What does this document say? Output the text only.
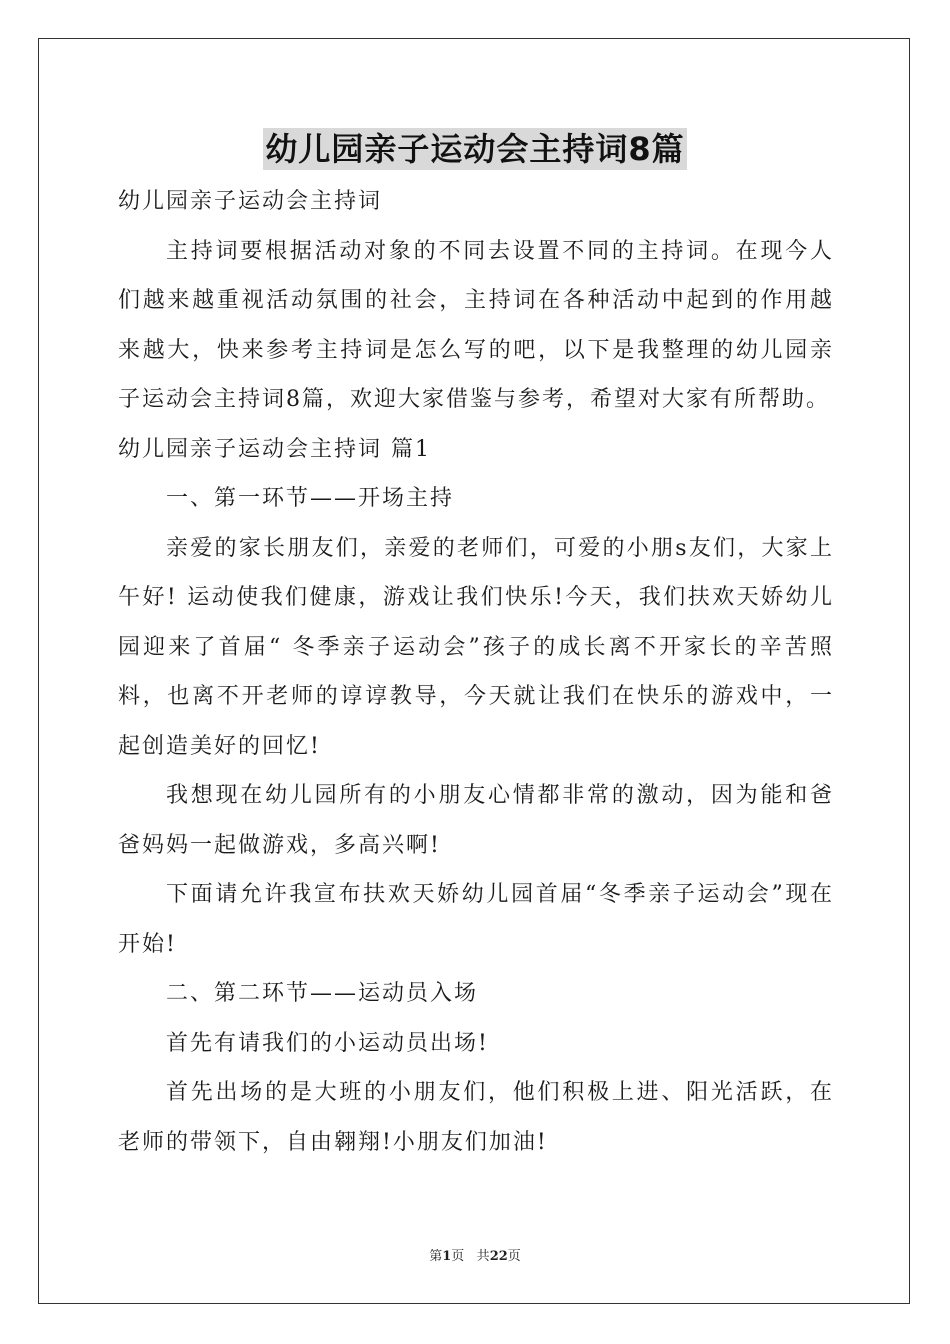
幼儿园亲子运动会主持词8篇

幼儿园亲子运动会主持词

主持词要根据活动对象的不同去设置不同的主持词。在现今人们越来越重视活动氛围的社会，主持词在各种活动中起到的作用越来越大，快来参考主持词是怎么写的吧，以下是我整理的幼儿园亲子运动会主持词8篇，欢迎大家借鉴与参考，希望对大家有所帮助。

幼儿园亲子运动会主持词 篇1

一、第一环节——开场主持

亲爱的家长朋友们，亲爱的老师们，可爱的小朋s友们，大家上午好! 运动使我们健康，游戏让我们快乐!今天，我们扶欢天娇幼儿园迎来了首届“ 冬季亲子运动会”孩子的成长离不开家长的辛苦照料，也离不开老师的谆谆教导，今天就让我们在快乐的游戏中，一起创造美好的回忆!

我想现在幼儿园所有的小朋友心情都非常的激动，因为能和爸爸妈妈一起做游戏，多高兴啊!

下面请允许我宣布扶欢天娇幼儿园首届“冬季亲子运动会”现在开始!

二、第二环节——运动员入场

首先有请我们的小运动员出场!

首先出场的是大班的小朋友们，他们积极上进、阳光活跃，在老师的带领下，自由翱翔!小朋友们加油!

第1页 共22页
